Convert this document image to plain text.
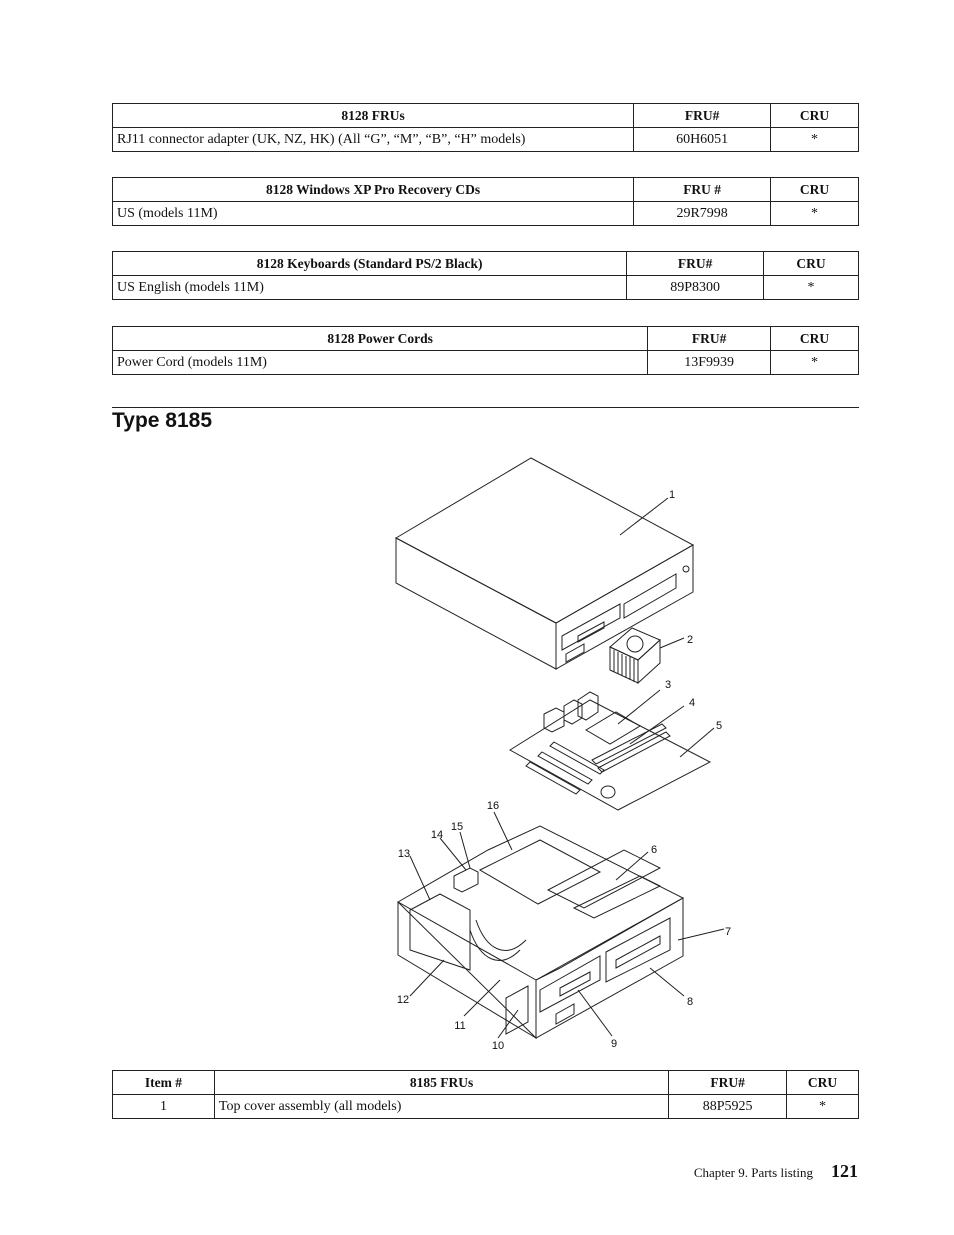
8128 FRUs	FRU#	CRU
RJ11 connector adapter (UK, NZ, HK) (All “G”, “M”, “B”, “H” models)	60H6051	*
8128 Windows XP Pro Recovery CDs	FRU #	CRU
US (models 11M)	29R7998	*
8128 Keyboards (Standard PS/2 Black)	FRU#	CRU
US English (models 11M)	89P8300	*
8128 Power Cords	FRU#	CRU
Power Cord (models 11M)	13F9939	*
Type 8185
1
2
3
4
5
6
7
8
9
10
11
12
13
14
15
16
Item #	8185 FRUs	FRU#	CRU
1	Top cover assembly (all models)	88P5925	*
Chapter 9. Parts listing 121
